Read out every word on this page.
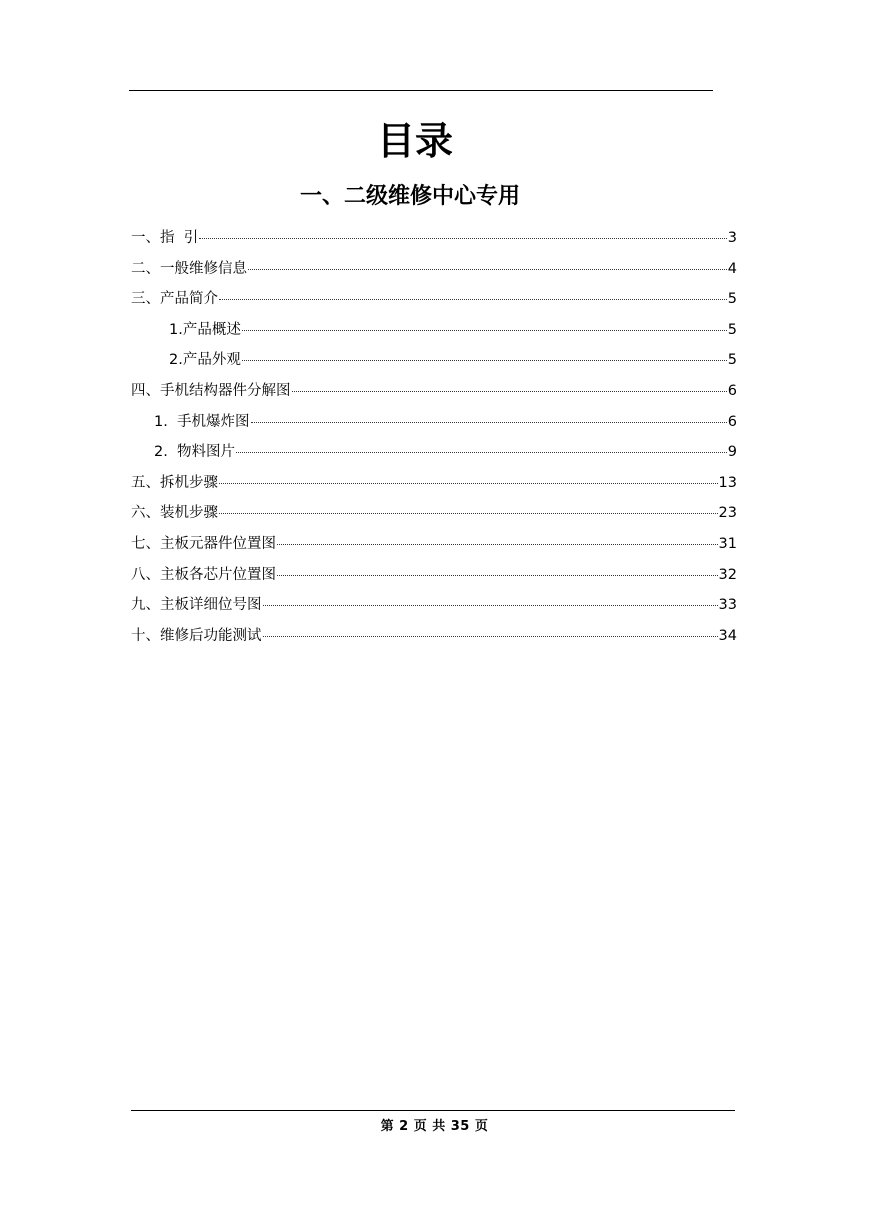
目录
一、二级维修中心专用
一、指  引	3
二、一般维修信息	4
三、产品简介	5
1.产品概述	5
2.产品外观	5
四、手机结构器件分解图	6
1.  手机爆炸图	6
2.  物料图片	9
五、拆机步骤	13
六、装机步骤	23
七、主板元器件位置图	31
八、主板各芯片位置图	32
九、主板详细位号图	33
十、维修后功能测试	34
第 2 页 共 35 页
